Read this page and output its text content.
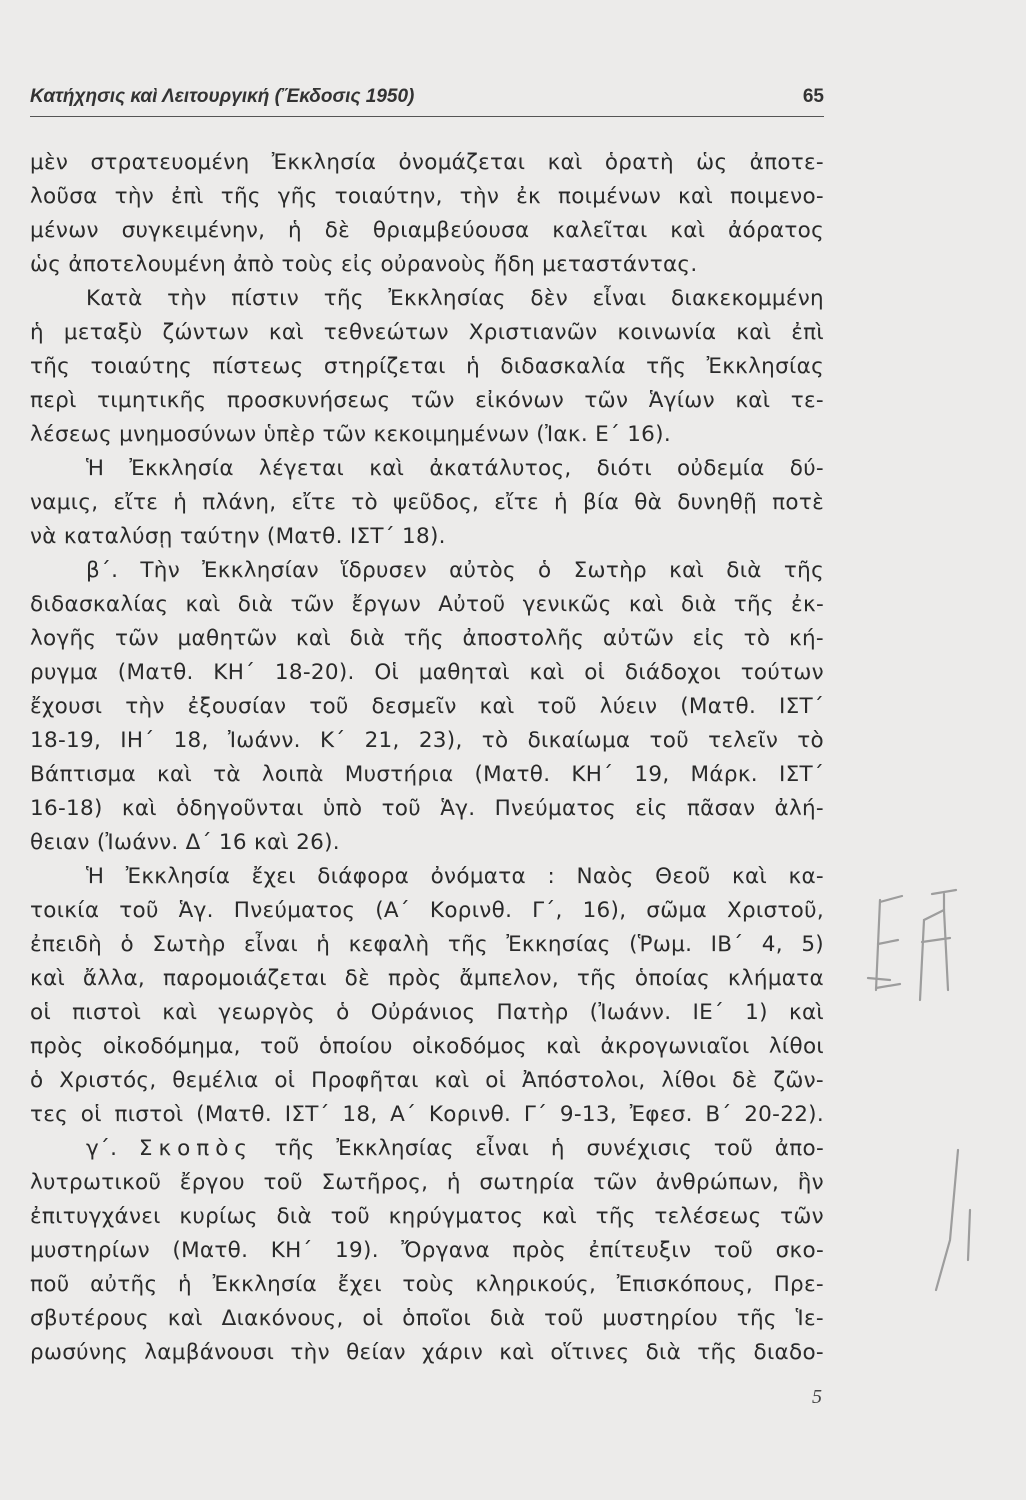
Κατήχησις καὶ Λειτουργική (Ἔκδοσις 1950)	65
μὲν στρατευομένη Ἐκκλησία ὀνομάζεται καὶ ὁρατὴ ὡς ἀποτε-
λοῦσα τὴν ἐπὶ τῆς γῆς τοιαύτην, τὴν ἐκ ποιμένων καὶ ποιμενο-
μένων συγκειμένην, ἡ δὲ θριαμβεύουσα καλεῖται καὶ ἀόρατος
ὡς ἀποτελουμένη ἀπὸ τοὺς εἰς οὐρανοὺς ἤδη μεταστάντας.
Κατὰ τὴν πίστιν τῆς Ἐκκλησίας δὲν εἶναι διακεκομμένη
ἡ μεταξὺ ζώντων καὶ τεθνεώτων Χριστιανῶν κοινωνία καὶ ἐπὶ
τῆς τοιαύτης πίστεως στηρίζεται ἡ διδασκαλία τῆς Ἐκκλησίας
περὶ τιμητικῆς προσκυνήσεως τῶν εἰκόνων τῶν Ἁγίων καὶ τε-
λέσεως μνημοσύνων ὑπὲρ τῶν κεκοιμημένων (Ἰακ. Ε΄ 16).
Ἡ Ἐκκλησία λέγεται καὶ ἀκατάλυτος, διότι οὐδεμία δύ-
ναμις, εἴτε ἡ πλάνη, εἴτε τὸ ψεῦδος, εἴτε ἡ βία θὰ δυνηθῇ ποτὲ
νὰ καταλύσῃ ταύτην (Ματθ. ΙΣΤ΄ 18).
β΄. Τὴν Ἐκκλησίαν ἵδρυσεν αὐτὸς ὁ Σωτὴρ καὶ διὰ τῆς
διδασκαλίας καὶ διὰ τῶν ἔργων Αὐτοῦ γενικῶς καὶ διὰ τῆς ἐκ-
λογῆς τῶν μαθητῶν καὶ διὰ τῆς ἀποστολῆς αὐτῶν εἰς τὸ κή-
ρυγμα (Ματθ. ΚΗ΄ 18-20). Οἱ μαθηταὶ καὶ οἱ διάδοχοι τούτων
ἔχουσι τὴν ἐξουσίαν τοῦ δεσμεῖν καὶ τοῦ λύειν (Ματθ. ΙΣΤ΄
18-19, ΙΗ΄ 18, Ἰωάνν. Κ΄ 21, 23), τὸ δικαίωμα τοῦ τελεῖν τὸ
Βάπτισμα καὶ τὰ λοιπὰ Μυστήρια (Ματθ. ΚΗ΄ 19, Μάρκ. ΙΣΤ΄
16-18) καὶ ὁδηγοῦνται ὑπὸ τοῦ Ἁγ. Πνεύματος εἰς πᾶσαν ἀλή-
θειαν (Ἰωάνν. Δ΄ 16 καὶ 26).
Ἡ Ἐκκλησία ἔχει διάφορα ὀνόματα : Ναὸς Θεοῦ καὶ κα-
τοικία τοῦ Ἁγ. Πνεύματος (Α΄ Κορινθ. Γ΄, 16), σῶμα Χριστοῦ,
ἐπειδὴ ὁ Σωτὴρ εἶναι ἡ κεφαλὴ τῆς Ἐκκησίας (Ῥωμ. ΙΒ΄ 4, 5)
καὶ ἄλλα, παρομοιάζεται δὲ πρὸς ἄμπελον, τῆς ὁποίας κλήματα
οἱ πιστοὶ καὶ γεωργὸς ὁ Οὐράνιος Πατὴρ (Ἰωάνν. ΙΕ΄ 1) καὶ
πρὸς οἰκοδόμημα, τοῦ ὁποίου οἰκοδόμος καὶ ἀκρογωνιαῖοι λίθοι
ὁ Χριστός, θεμέλια οἱ Προφῆται καὶ οἱ Ἀπόστολοι, λίθοι δὲ ζῶν-
τες οἱ πιστοὶ (Ματθ. ΙΣΤ΄ 18, Α΄ Κορινθ. Γ΄ 9-13, Ἐφεσ. Β΄ 20-22).
γ΄. Σκοπὸς τῆς Ἐκκλησίας εἶναι ἡ συνέχισις τοῦ ἀπο-
λυτρωτικοῦ ἔργου τοῦ Σωτῆρος, ἡ σωτηρία τῶν ἀνθρώπων, ἣν
ἐπιτυγχάνει κυρίως διὰ τοῦ κηρύγματος καὶ τῆς τελέσεως τῶν
μυστηρίων (Ματθ. ΚΗ΄ 19). Ὄργανα πρὸς ἐπίτευξιν τοῦ σκο-
ποῦ αὐτῆς ἡ Ἐκκλησία ἔχει τοὺς κληρικούς, Ἐπισκόπους, Πρε-
σβυτέρους καὶ Διακόνους, οἱ ὁποῖοι διὰ τοῦ μυστηρίου τῆς Ἱε-
ρωσύνης λαμβάνουσι τὴν θείαν χάριν καὶ οἵτινες διὰ τῆς διαδο-
5
